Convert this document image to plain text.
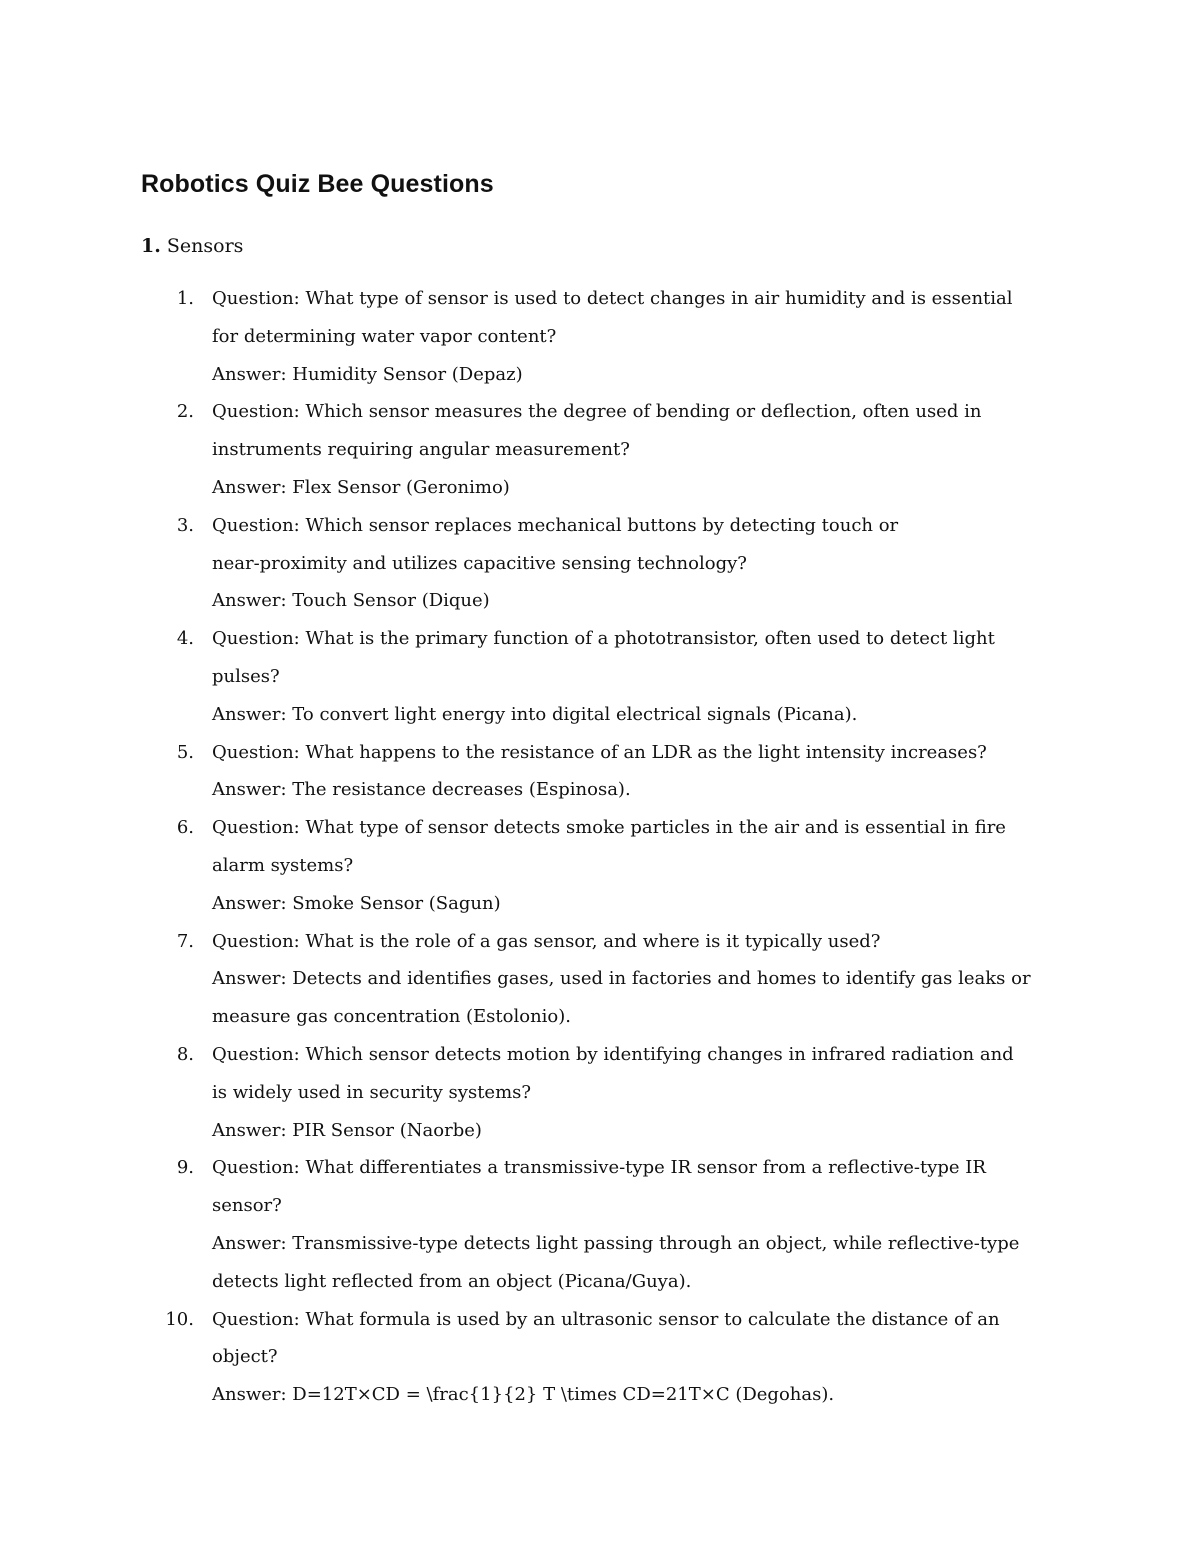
Robotics Quiz Bee Questions

1. Sensors

1. Question: What type of sensor is used to detect changes in air humidity and is essential
for determining water vapor content?
Answer: Humidity Sensor (Depaz)
2. Question: Which sensor measures the degree of bending or deflection, often used in
instruments requiring angular measurement?
Answer: Flex Sensor (Geronimo)
3. Question: Which sensor replaces mechanical buttons by detecting touch or
near-proximity and utilizes capacitive sensing technology?
Answer: Touch Sensor (Dique)
4. Question: What is the primary function of a phototransistor, often used to detect light
pulses?
Answer: To convert light energy into digital electrical signals (Picana).
5. Question: What happens to the resistance of an LDR as the light intensity increases?
Answer: The resistance decreases (Espinosa).
6. Question: What type of sensor detects smoke particles in the air and is essential in fire
alarm systems?
Answer: Smoke Sensor (Sagun)
7. Question: What is the role of a gas sensor, and where is it typically used?
Answer: Detects and identifies gases, used in factories and homes to identify gas leaks or
measure gas concentration (Estolonio).
8. Question: Which sensor detects motion by identifying changes in infrared radiation and
is widely used in security systems?
Answer: PIR Sensor (Naorbe)
9. Question: What differentiates a transmissive-type IR sensor from a reflective-type IR
sensor?
Answer: Transmissive-type detects light passing through an object, while reflective-type
detects light reflected from an object (Picana/Guya).
10. Question: What formula is used by an ultrasonic sensor to calculate the distance of an
object?
Answer: D=12T×CD = \frac{1}{2} T \times CD=21T×C (Degohas).
